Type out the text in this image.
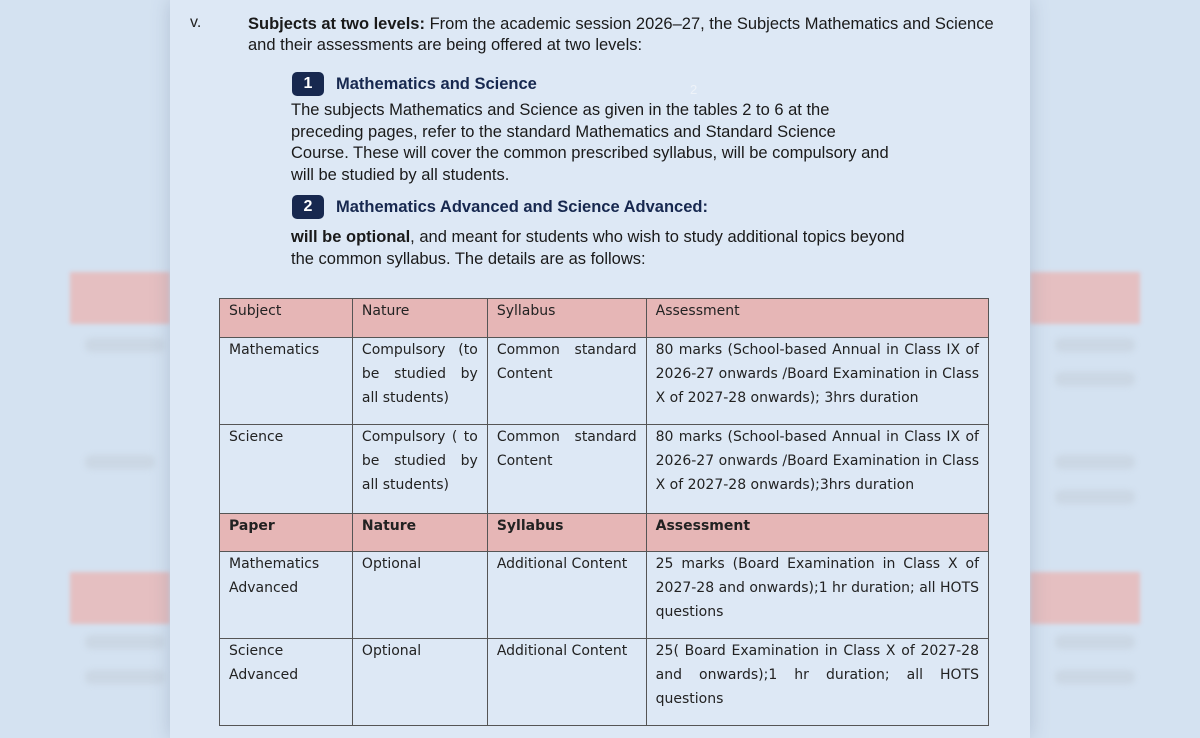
v.	Subjects at two levels: From the academic session 2026–27, the Subjects Mathematics and Science and their assessments are being offered at two levels:
2
1	Mathematics and Science
The subjects Mathematics and Science as given in the tables 2 to 6 at the preceding pages, refer to the standard Mathematics and Standard Science Course. These will cover the common prescribed syllabus, will be compulsory and will be studied by all students.
2	Mathematics Advanced and Science Advanced:
will be optional, and meant for students who wish to study additional topics beyond the common syllabus. The details are as follows:
Subject	Nature	Syllabus	Assessment
Mathematics	Compulsory (to be studied by all students)	Common standard Content	80 marks (School-based Annual in Class IX of 2026-27 onwards /Board Examination in Class X of 2027-28 onwards); 3hrs duration
Science	Compulsory ( to be studied by all students)	Common standard Content	80 marks (School-based Annual in Class IX of 2026-27 onwards /Board Examination in Class X of 2027-28 onwards);3hrs duration
Paper	Nature	Syllabus	Assessment
Mathematics Advanced	Optional	Additional Content	25 marks (Board Examination in Class X of 2027-28 and onwards);1 hr duration; all HOTS questions
Science Advanced	Optional	Additional Content	25( Board Examination in Class X of 2027-28 and onwards);1 hr duration; all HOTS questions
